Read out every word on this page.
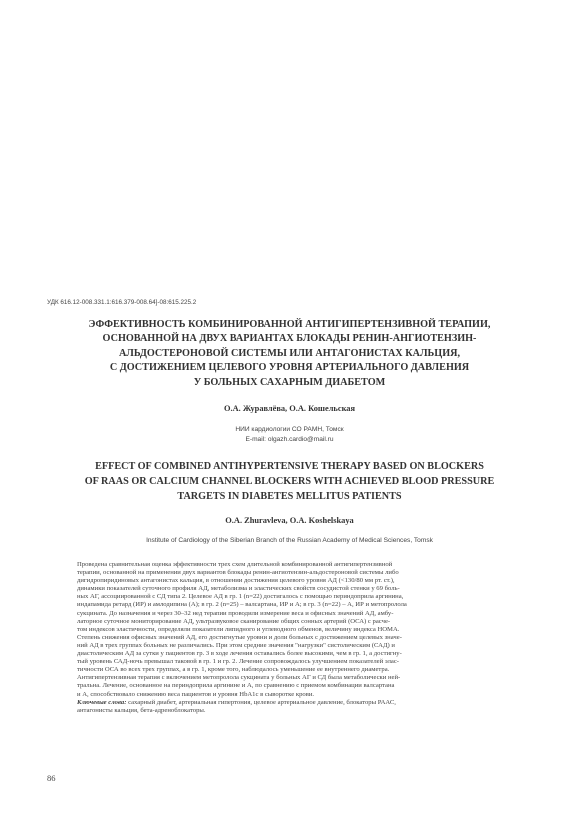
УДК 616.12-008.331.1:616.379-008.64]-08:615.225.2
ЭФФЕКТИВНОСТЬ КОМБИНИРОВАННОЙ АНТИГИПЕРТЕНЗИВНОЙ ТЕРАПИИ,
ОСНОВАННОЙ НА ДВУХ ВАРИАНТАХ БЛОКАДЫ РЕНИН-АНГИОТЕНЗИН-
АЛЬДОСТЕРОНОВОЙ СИСТЕМЫ ИЛИ АНТАГОНИСТАХ КАЛЬЦИЯ,
С ДОСТИЖЕНИЕМ ЦЕЛЕВОГО УРОВНЯ АРТЕРИАЛЬНОГО ДАВЛЕНИЯ
У БОЛЬНЫХ САХАРНЫМ ДИАБЕТОМ
О.А. Журавлёва, О.А. Кошельская
НИИ кардиологии СО РАМН, Томск
E-mail: olgazh.cardio@mail.ru
EFFECT OF COMBINED ANTIHYPERTENSIVE THERAPY BASED ON BLOCKERS
OF RAAS OR CALCIUM CHANNEL BLOCKERS WITH ACHIEVED BLOOD PRESSURE
TARGETS IN DIABETES MELLITUS PATIENTS
O.A. Zhuravleva, O.A. Koshelskaya
Institute of Cardiology of the Siberian Branch of the Russian Academy of Medical Sciences, Tomsk
Проведена сравнительная оценка эффективности трех схем длительной комбинированной антигипертензивной
терапии, основанной на применении двух вариантов блокады ренин-ангиотензин-альдостероновой системы либо
дигидропиридиновых антагонистах кальция, в отношении достижения целевого уровня АД (<130/80 мм рт. ст.),
динамики показателей суточного профиля АД, метаболизма и эластических свойств сосудистой стенки у 69 боль-
ных АГ, ассоциированной с СД типа 2. Целевое АД в гр. 1 (n=22) достигалось с помощью периндоприла аргинина,
индапамида ретард (ИР) и амлодипина (А); в гр. 2 (n=25) – валсартана, ИР и А; в гр. 3 (n=22) – А, ИР и метопролола
сукцината. До назначения и через 30–32 нед терапии проводили измерение веса и офисных значений АД, амбу-
латорное суточное мониторирование АД, ультразвуковое сканирование общих сонных артерий (ОСА) с расче-
том индексов эластичности, определяли показатели липидного и углеводного обменов, величину индекса HOMA.
Степень снижения офисных значений АД, его достигнутые уровни и доли больных с достижением целевых значе-
ний АД в трех группах больных не различались. При этом средние значения "нагрузки" систолическим (САД) и
диастолическим АД за сутки у пациентов гр. 3 в ходе лечения оставались более высокими, чем в гр. 1, а достигну-
тый уровень САД-ночь превышал таковой в гр. 1 и гр. 2. Лечение сопровождалось улучшением показателей элас-
тичности ОСА во всех трех группах, а в гр. 1, кроме того, наблюдалось уменьшение ее внутреннего диаметра.
Антигипертензивная терапия с включением метопролола сукцината у больных АГ и СД была метаболически ней-
тральна. Лечение, основанное на периндоприла аргинине и А, по сравнению с приемом комбинации валсартана
и А, способствовало снижению веса пациентов и уровня HbA1c в сыворотке крови.
Ключевые слова: сахарный диабет, артериальная гипертония, целевое артериальное давление, блокаторы РААС,
антагонисты кальция, бета-адреноблокаторы.
86
